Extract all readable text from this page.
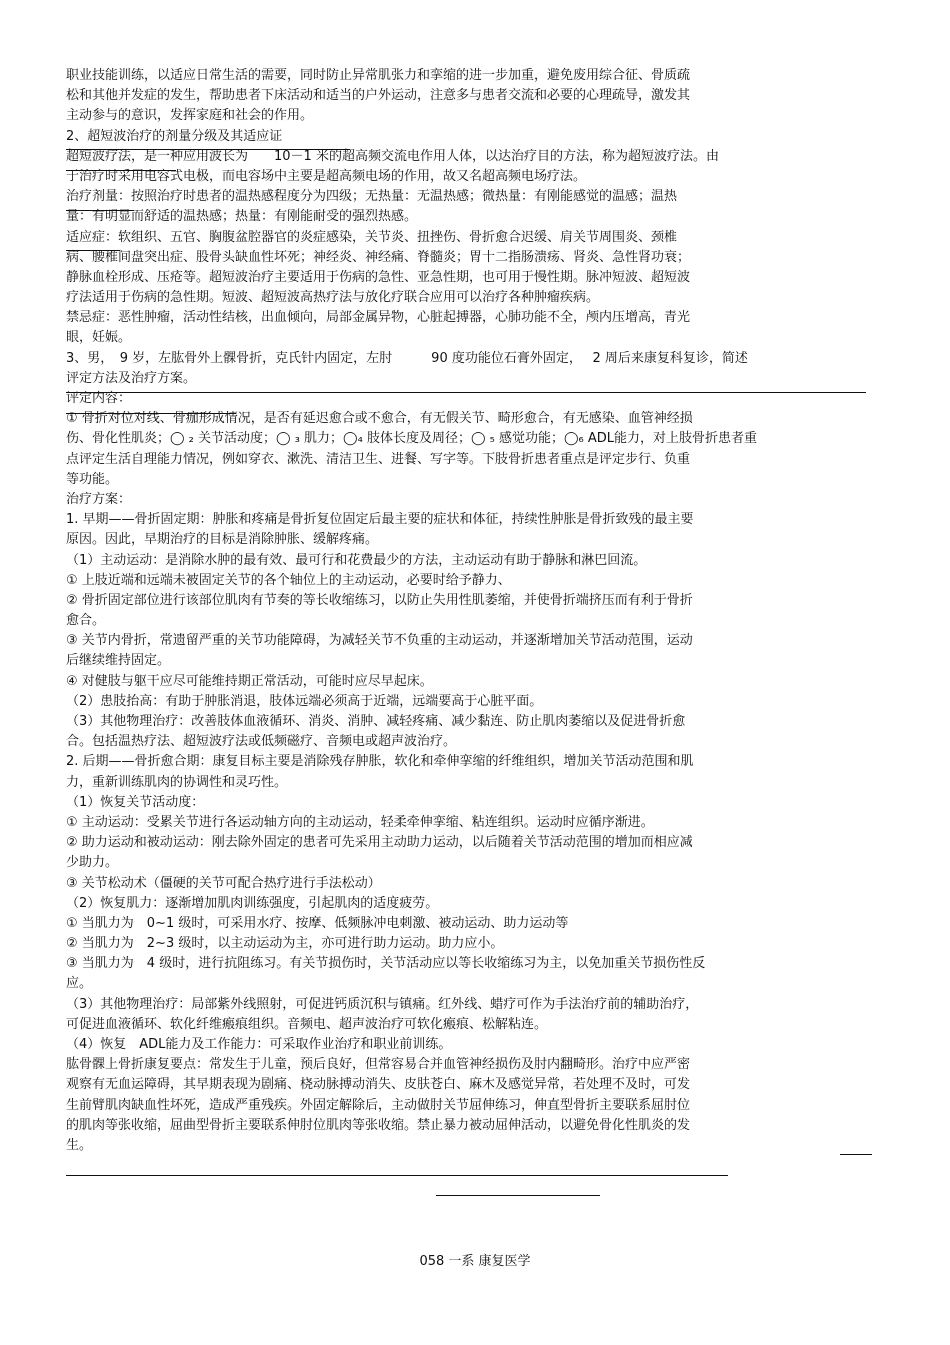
职业技能训练，以适应日常生活的需要，同时防止异常肌张力和挛缩的进一步加重，避免废用综合征、骨质疏
松和其他并发症的发生，帮助患者下床活动和适当的户外运动，注意多与患者交流和必要的心理疏导，激发其
主动参与的意识，发挥家庭和社会的作用。
2、超短波治疗的剂量分级及其适应证
超短波疗法，是一种应用波长为　　10－1 米的超高频交流电作用人体，以达治疗目的方法，称为超短波疗法。由
于治疗时采用电容式电极，而电容场中主要是超高频电场的作用，故又名超高频电场疗法。
治疗剂量：按照治疗时患者的温热感程度分为四级；无热量：无温热感；微热量：有刚能感觉的温感；温热
量：有明显而舒适的温热感；热量：有刚能耐受的强烈热感。
适应症：软组织、五官、胸腹盆腔器官的炎症感染，关节炎、扭挫伤、骨折愈合迟缓、肩关节周围炎、颈椎
病、腰椎间盘突出症、股骨头缺血性坏死；神经炎、神经痛、脊髓炎；胃十二指肠溃疡、肾炎、急性肾功衰；
静脉血栓形成、压疮等。超短波治疗主要适用于伤病的急性、亚急性期，也可用于慢性期。脉冲短波、超短波
疗法适用于伤病的急性期。短波、超短波高热疗法与放化疗联合应用可以治疗各种肿瘤疾病。
禁忌症：恶性肿瘤，活动性结核，出血倾向，局部金属异物，心脏起搏器，心肺功能不全，颅内压增高，青光
眼，妊娠。
3、男，　9 岁，左肱骨外上髁骨折，克氏针内固定，左肘　　　90 度功能位石膏外固定，　 2 周后来康复科复诊，简述
评定方法及治疗方案。
评定内容：
① 骨折对位对线、骨痂形成情况，是否有延迟愈合或不愈合，有无假关节、畸形愈合，有无感染、血管神经损
伤、骨化性肌炎；◯ ₂ 关节活动度；◯ ₃ 肌力；◯₄ 肢体长度及周径；◯ ₅ 感觉功能；◯₆ ADL能力，对上肢骨折患者重
点评定生活自理能力情况，例如穿衣、漱洗、清洁卫生、进餐、写字等。下肢骨折患者重点是评定步行、负重
等功能。
治疗方案：
1. 早期——骨折固定期：肿胀和疼痛是骨折复位固定后最主要的症状和体征，持续性肿胀是骨折致残的最主要
原因。因此，早期治疗的目标是消除肿胀、缓解疼痛。
（1）主动运动：是消除水肿的最有效、最可行和花费最少的方法，主动运动有助于静脉和淋巴回流。
① 上肢近端和远端未被固定关节的各个轴位上的主动运动，必要时给予静力、
② 骨折固定部位进行该部位肌肉有节奏的等长收缩练习，以防止失用性肌萎缩，并使骨折端挤压而有利于骨折
愈合。
③ 关节内骨折，常遗留严重的关节功能障碍，为减轻关节不负重的主动运动，并逐渐增加关节活动范围，运动
后继续维持固定。
④ 对健肢与躯干应尽可能维持期正常活动，可能时应尽早起床。
（2）患肢抬高：有助于肿胀消退，肢体远端必须高于近端，远端要高于心脏平面。
（3）其他物理治疗：改善肢体血液循环、消炎、消肿、减轻疼痛、减少黏连、防止肌肉萎缩以及促进骨折愈
合。包括温热疗法、超短波疗法或低频磁疗、音频电或超声波治疗。
2. 后期——骨折愈合期：康复目标主要是消除残存肿胀，软化和牵伸挛缩的纤维组织，增加关节活动范围和肌
力，重新训练肌肉的协调性和灵巧性。
（1）恢复关节活动度：
① 主动运动：受累关节进行各运动轴方向的主动运动，轻柔牵伸挛缩、粘连组织。运动时应循序渐进。
② 助力运动和被动运动：刚去除外固定的患者可先采用主动助力运动，以后随着关节活动范围的增加而相应减
少助力。
③ 关节松动术（僵硬的关节可配合热疗进行手法松动）
（2）恢复肌力：逐渐增加肌肉训练强度，引起肌肉的适度疲劳。
① 当肌力为　0~1 级时，可采用水疗、按摩、低频脉冲电刺激、被动运动、助力运动等
② 当肌力为　2~3 级时，以主动运动为主，亦可进行助力运动。助力应小。
③ 当肌力为　4 级时，进行抗阻练习。有关节损伤时，关节活动应以等长收缩练习为主，以免加重关节损伤性反
应。
（3）其他物理治疗：局部紫外线照射，可促进钙质沉积与镇痛。红外线、蜡疗可作为手法治疗前的辅助治疗，
可促进血液循环、软化纤维瘢痕组织。音频电、超声波治疗可软化瘢痕、松解粘连。
（4）恢复　ADL能力及工作能力：可采取作业治疗和职业前训练。
肱骨髁上骨折康复要点：常发生于儿童，预后良好，但常容易合并血管神经损伤及肘内翻畸形。治疗中应严密
观察有无血运障碍，其早期表现为剧痛、桡动脉搏动消失、皮肤苍白、麻木及感觉异常，若处理不及时，可发
生前臂肌肉缺血性坏死，造成严重残疾。外固定解除后，主动做肘关节屈伸练习，伸直型骨折主要联系屈肘位
的肌肉等张收缩，屈曲型骨折主要联系伸肘位肌肉等张收缩。禁止暴力被动屈伸活动，以避免骨化性肌炎的发
生。
058 一系 康复医学
